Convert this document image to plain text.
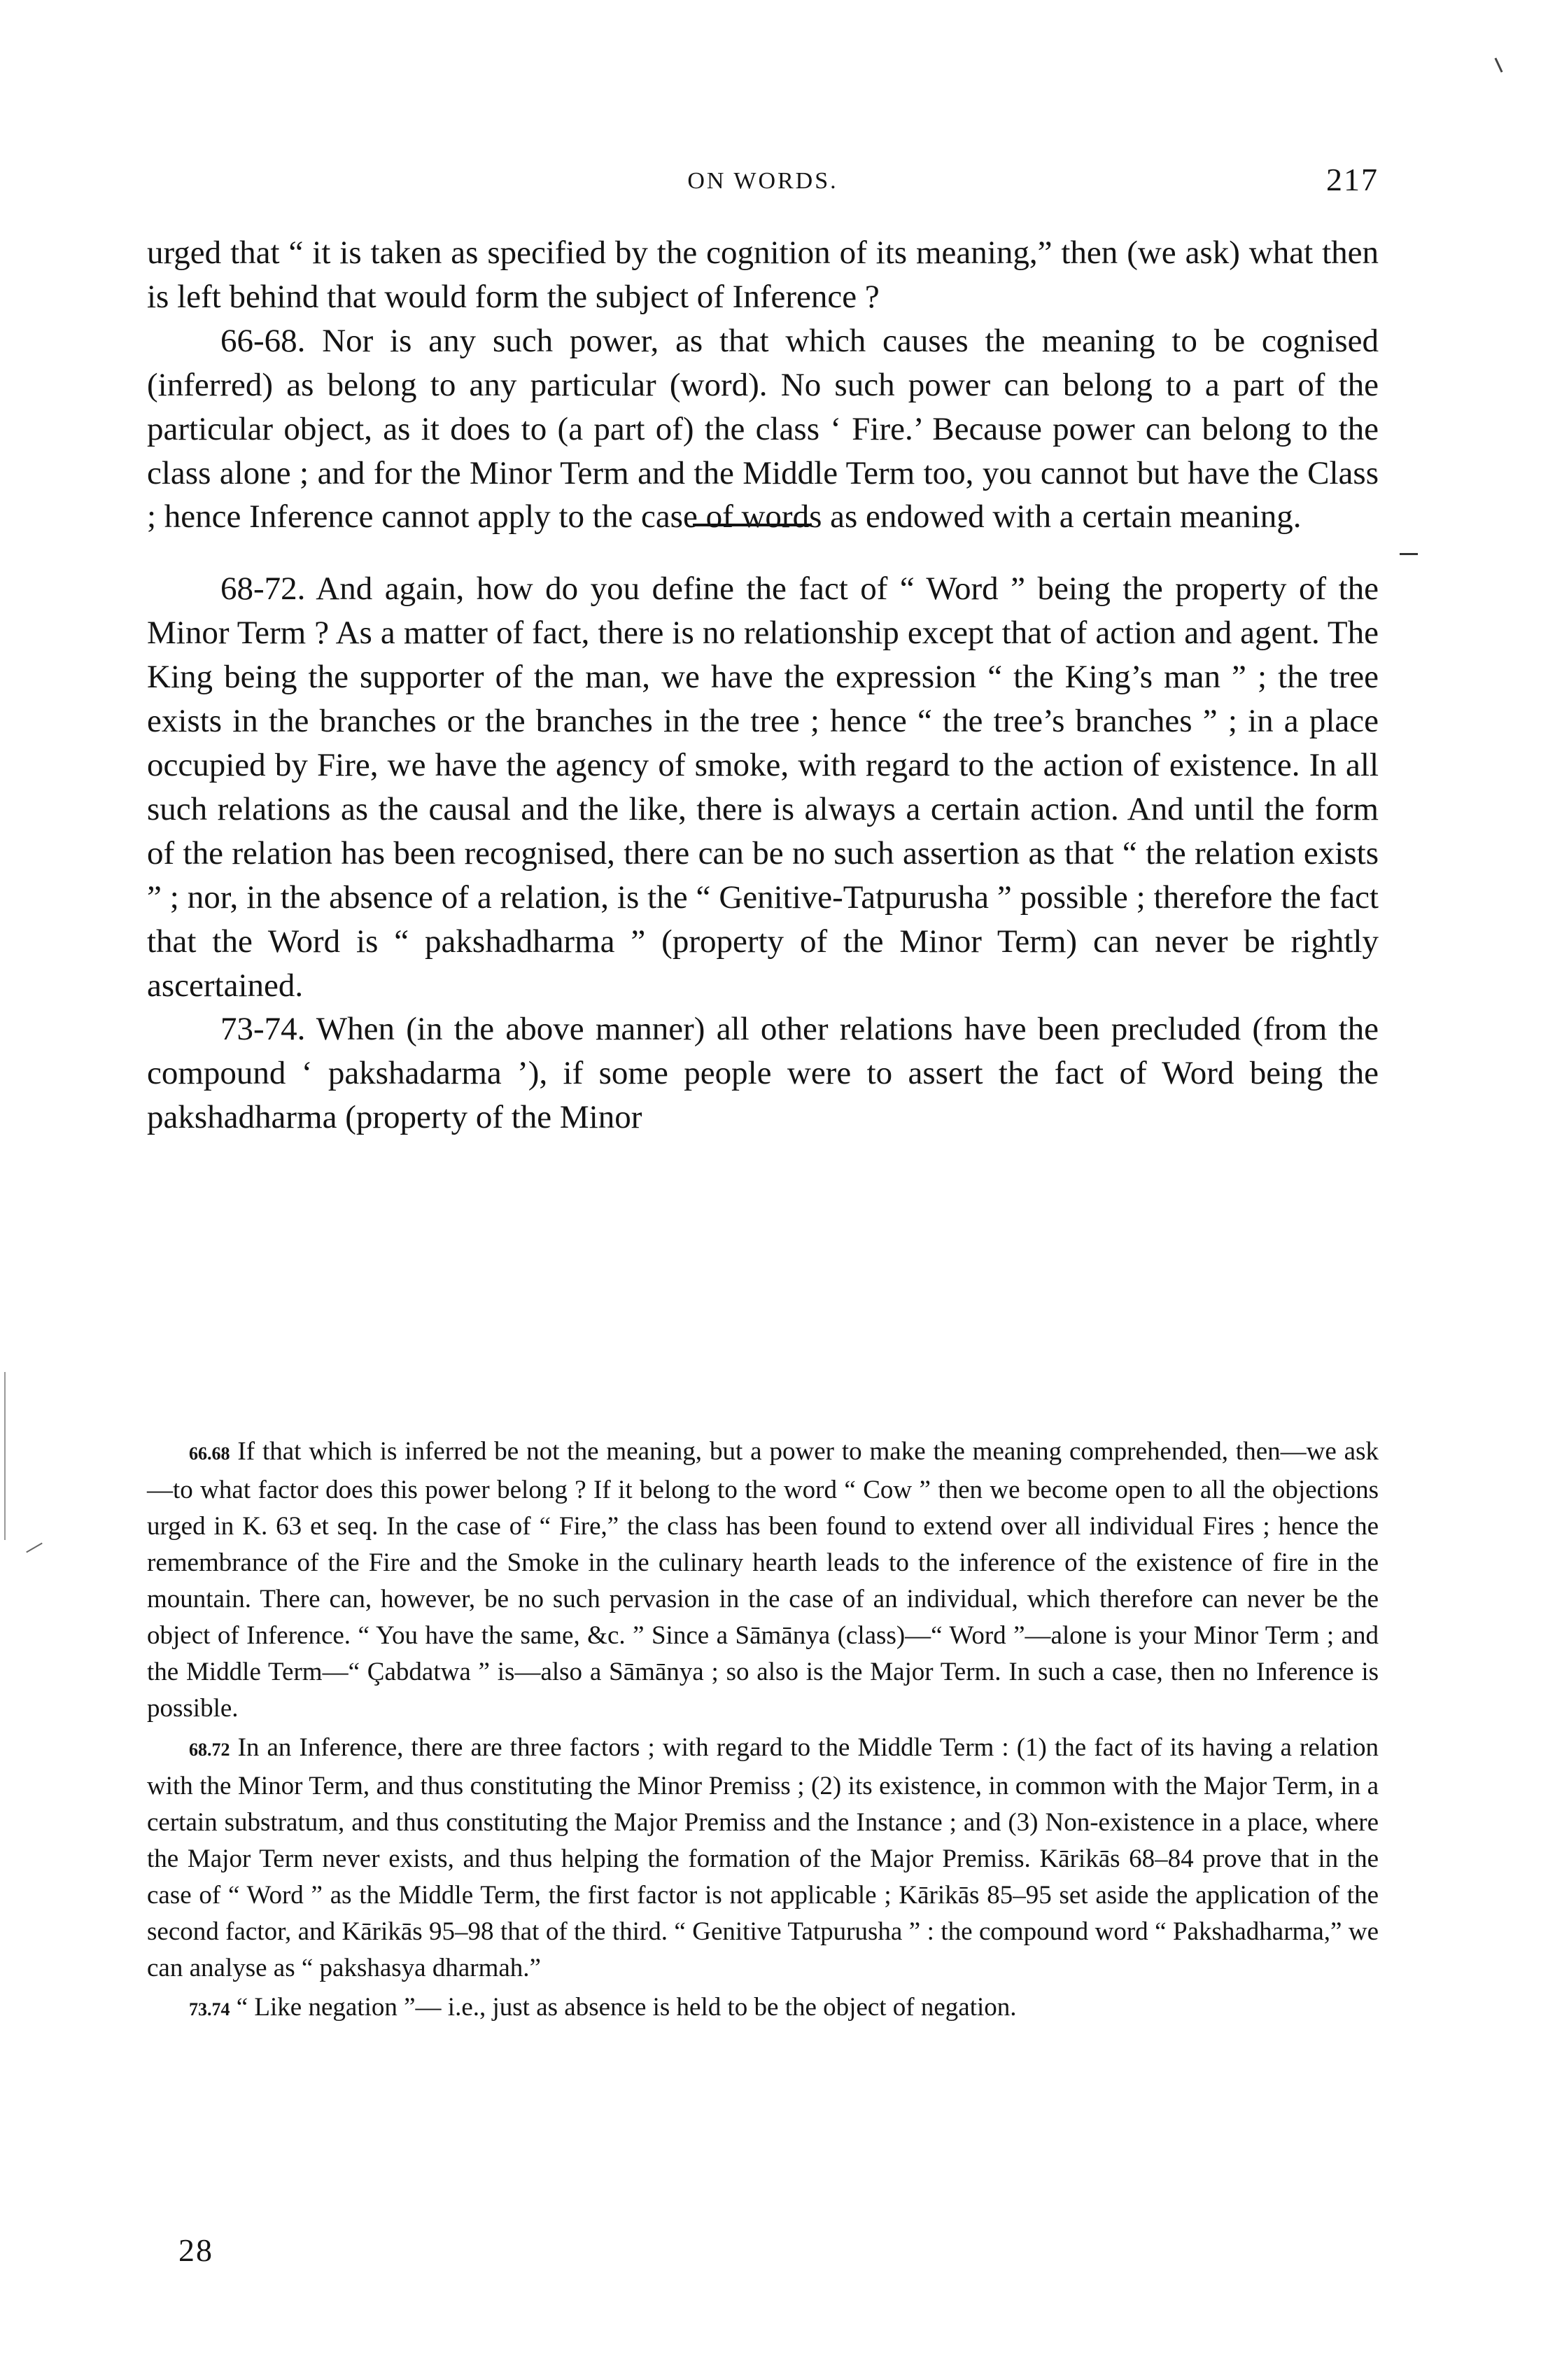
ON WORDS.	217

urged that “ it is taken as specified by the cognition of its meaning,” then (we ask) what then is left behind that would form the subject of Inference ?

66-68. Nor is any such power, as that which causes the meaning to be cognised (inferred) as belong to any particular (word). No such power can belong to a part of the particular object, as it does to (a part of) the class ‘ Fire.’ Because power can belong to the class alone ; and for the Minor Term and the Middle Term too, you cannot but have the Class ; hence Inference cannot apply to the case of words as endowed with a certain meaning.

68-72. And again, how do you define the fact of “ Word ” being the property of the Minor Term ? As a matter of fact, there is no relationship except that of action and agent. The King being the supporter of the man, we have the expression “ the King’s man ” ; the tree exists in the branches or the branches in the tree ; hence “ the tree’s branches ” ; in a place occupied by Fire, we have the agency of smoke, with regard to the action of existence. In all such relations as the causal and the like, there is always a certain action. And until the form of the relation has been recognised, there can be no such assertion as that “ the relation exists ” ; nor, in the absence of a relation, is the “ Genitive-Tatpurusha ” possible ; therefore the fact that the Word is “ pakshadharma ” (property of the Minor Term) can never be rightly ascertained.

73-74. When (in the above manner) all other relations have been precluded (from the compound ‘ pakshadarma ’), if some people were to assert the fact of Word being the pakshadharma (property of the Minor

66.68 If that which is inferred be not the meaning, but a power to make the meaning comprehended, then—we ask—to what factor does this power belong ? If it belong to the word “ Cow ” then we become open to all the objections urged in K. 63 et seq. In the case of “ Fire,” the class has been found to extend over all individual Fires ; hence the remembrance of the Fire and the Smoke in the culinary hearth leads to the inference of the existence of fire in the mountain. There can, however, be no such pervasion in the case of an individual, which therefore can never be the object of Inference. “ You have the same, &c. ” Since a Sāmānya (class)—“ Word ”—alone is your Minor Term ; and the Middle Term—“ Çabdatwa ” is—also a Sāmānya ; so also is the Major Term. In such a case, then no Inference is possible.

68.72 In an Inference, there are three factors ; with regard to the Middle Term : (1) the fact of its having a relation with the Minor Term, and thus constituting the Minor Premiss ; (2) its existence, in common with the Major Term, in a certain substratum, and thus constituting the Major Premiss and the Instance ; and (3) Non-existence in a place, where the Major Term never exists, and thus helping the formation of the Major Premiss. Kārikās 68–84 prove that in the case of “ Word ” as the Middle Term, the first factor is not applicable ; Kārikās 85–95 set aside the application of the second factor, and Kārikās 95–98 that of the third. “ Genitive Tatpurusha ” : the compound word “ Pakshadharma,” we can analyse as “ pakshasya dharmah.”

73.74 “ Like negation ”— i.e., just as absence is held to be the object of negation.

28
